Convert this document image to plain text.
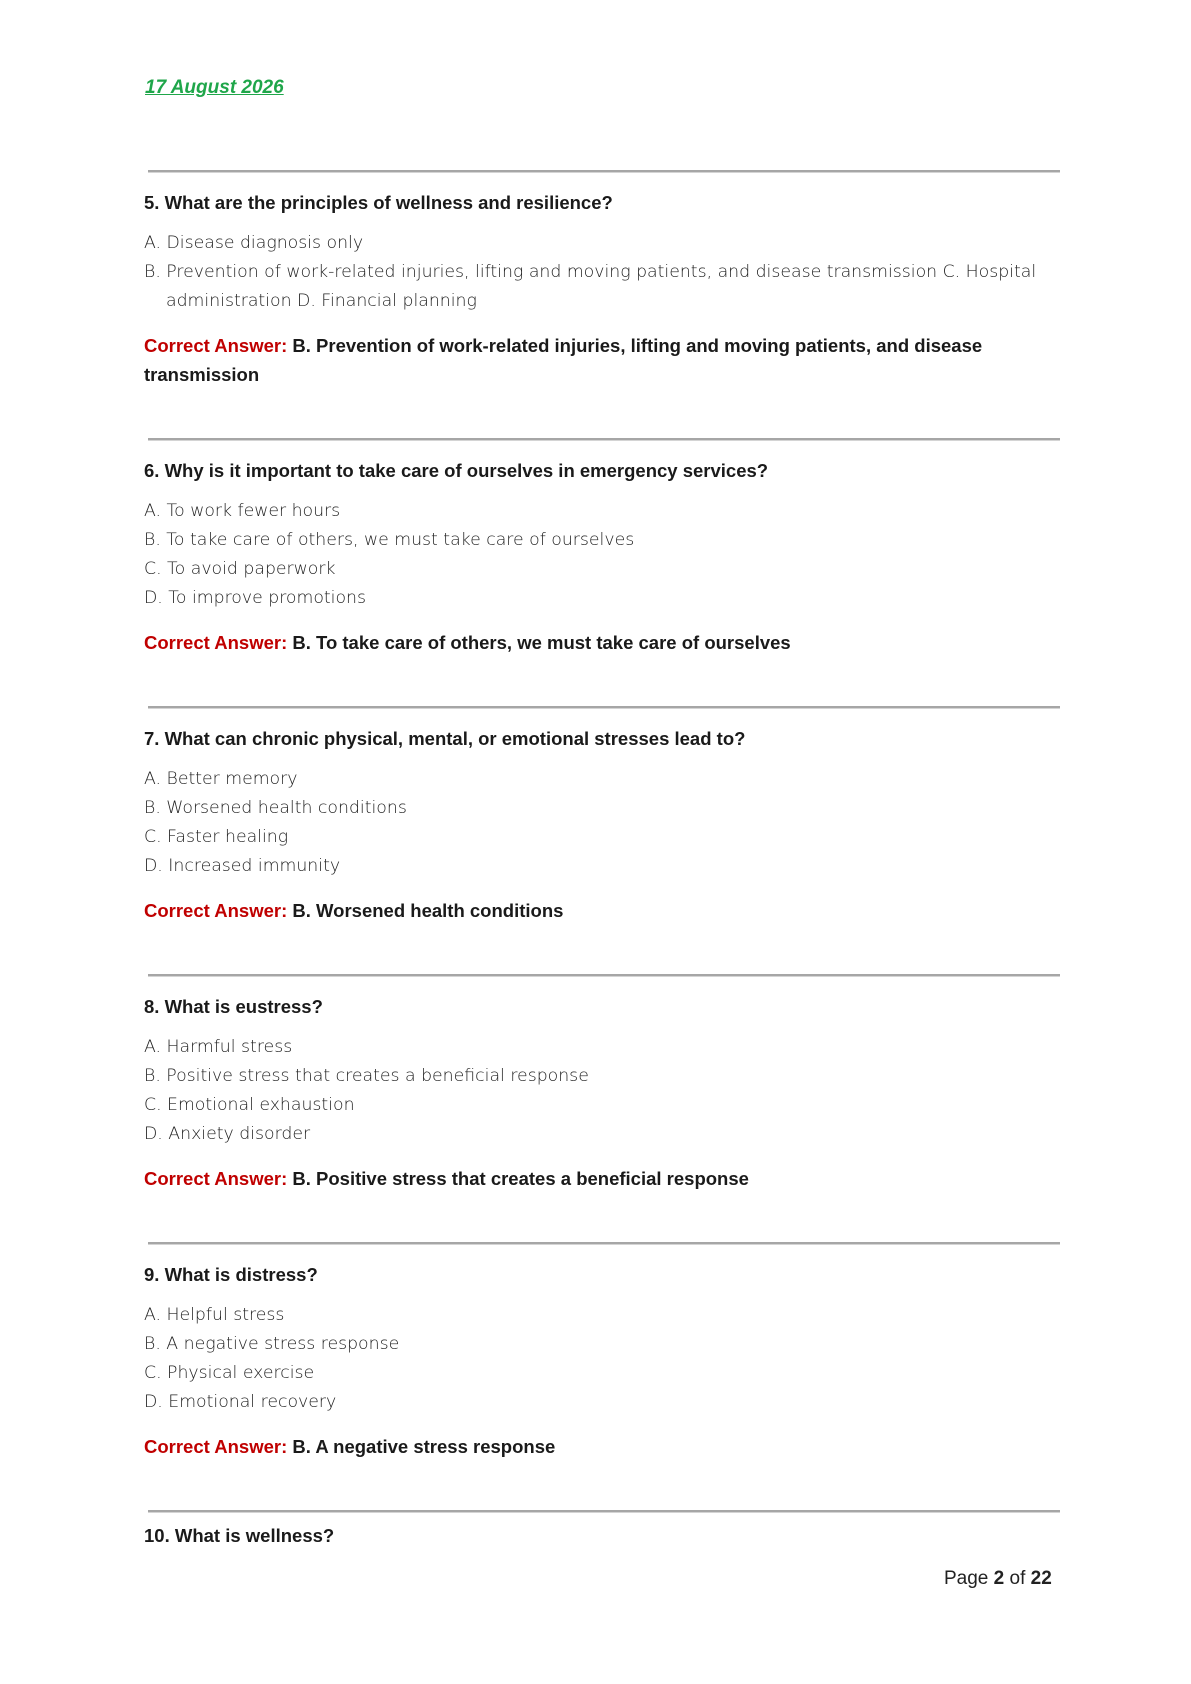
17 August 2026
5. What are the principles of wellness and resilience?
A. Disease diagnosis only
B. Prevention of work-related injuries, lifting and moving patients, and disease transmission C. Hospital administration D. Financial planning
Correct Answer: B. Prevention of work-related injuries, lifting and moving patients, and disease transmission
6. Why is it important to take care of ourselves in emergency services?
A. To work fewer hours
B. To take care of others, we must take care of ourselves
C. To avoid paperwork
D. To improve promotions
Correct Answer: B. To take care of others, we must take care of ourselves
7. What can chronic physical, mental, or emotional stresses lead to?
A. Better memory
B. Worsened health conditions
C. Faster healing
D. Increased immunity
Correct Answer: B. Worsened health conditions
8. What is eustress?
A. Harmful stress
B. Positive stress that creates a beneficial response
C. Emotional exhaustion
D. Anxiety disorder
Correct Answer: B. Positive stress that creates a beneficial response
9. What is distress?
A. Helpful stress
B. A negative stress response
C. Physical exercise
D. Emotional recovery
Correct Answer: B. A negative stress response
10. What is wellness?
Page 2 of 22
